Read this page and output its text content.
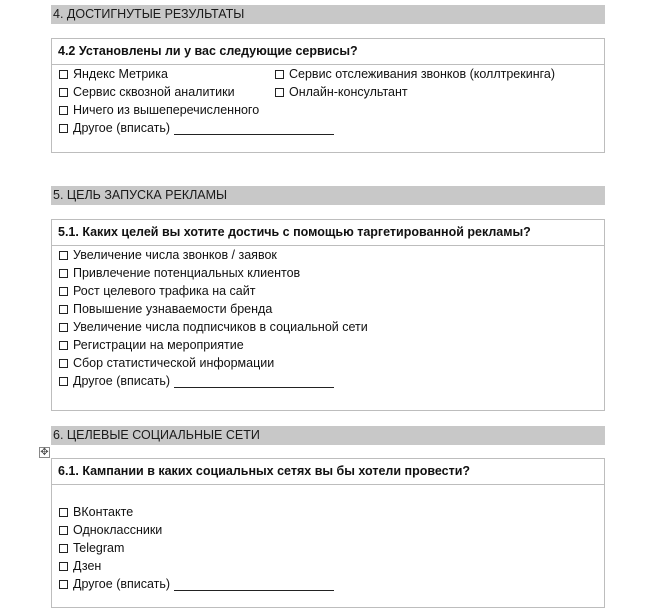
4. ДОСТИГНУТЫЕ РЕЗУЛЬТАТЫ
4.2 Установлены ли у вас следующие сервисы?
Яндекс Метрика
Сервис сквозной аналитики
Ничего из вышеперечисленного
Другое (вписать)
Сервис отслеживания звонков (коллтрекинга)
Онлайн-консультант
5. ЦЕЛЬ ЗАПУСКА РЕКЛАМЫ
5.1. Каких целей вы хотите достичь с помощью таргетированной рекламы?
Увеличение числа звонков / заявок
Привлечение потенциальных клиентов
Рост целевого трафика на сайт
Повышение узнаваемости бренда
Увеличение числа подписчиков в социальной сети
Регистрации на мероприятие
Сбор статистической информации
Другое (вписать)
6. ЦЕЛЕВЫЕ СОЦИАЛЬНЫЕ СЕТИ
✥
6.1. Кампании в каких социальных сетях вы бы хотели провести?
ВКонтакте
Одноклассники
Telegram
Дзен
Другое (вписать)
